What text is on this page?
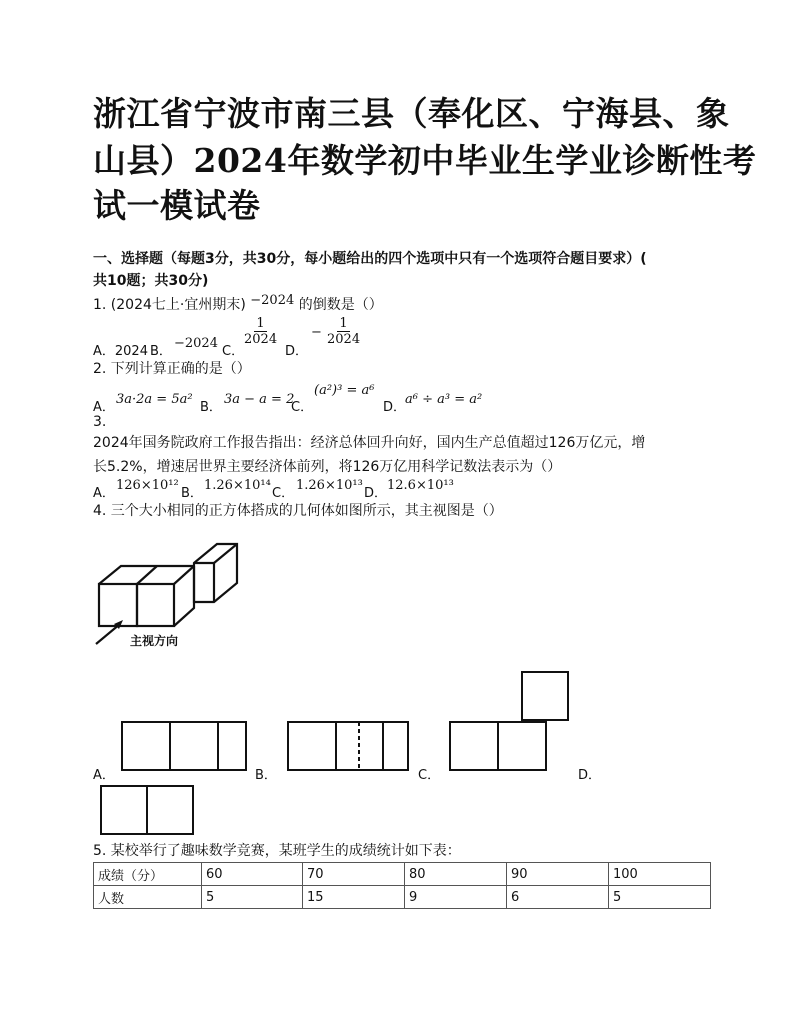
浙江省宁波市南三县（奉化区、宁海县、象
山县）2024年数学初中毕业生学业诊断性考
试一模试卷
一、选择题（每题3分，共30分，每小题给出的四个选项中只有一个选项符合题目要求）(
共10题；共30分)
1. (2024七上·宜州期末) −2024 的倒数是（）
A．2024 B．
−2024
C．
$\frac{1}{2024}$
D．
− $\frac{1}{2024}$
2. 下列计算正确的是（）
A．
3a·2a = 5a²
B．
3a − a = 2
C．
(a²)³ = a⁶
D．
a⁶ ÷ a³ = a²
3.
2024年国务院政府工作报告指出：经济总体回升向好，国内生产总值超过126万亿元，增
长5.2%，增速居世界主要经济体前列，将126万亿用科学记数法表示为（）
A．
126×10¹²
B．
1.26×10¹⁴
C．
1.26×10¹³
D．
12.6×10¹³
4. 三个大小相同的正方体搭成的几何体如图所示，其主视图是（）
主视方向
A．	B．	C．	D．
5. 某校举行了趣味数学竞赛，某班学生的成绩统计如下表：
成绩（分）	60	70	80	90	100
人数	5	15	9	6	5
